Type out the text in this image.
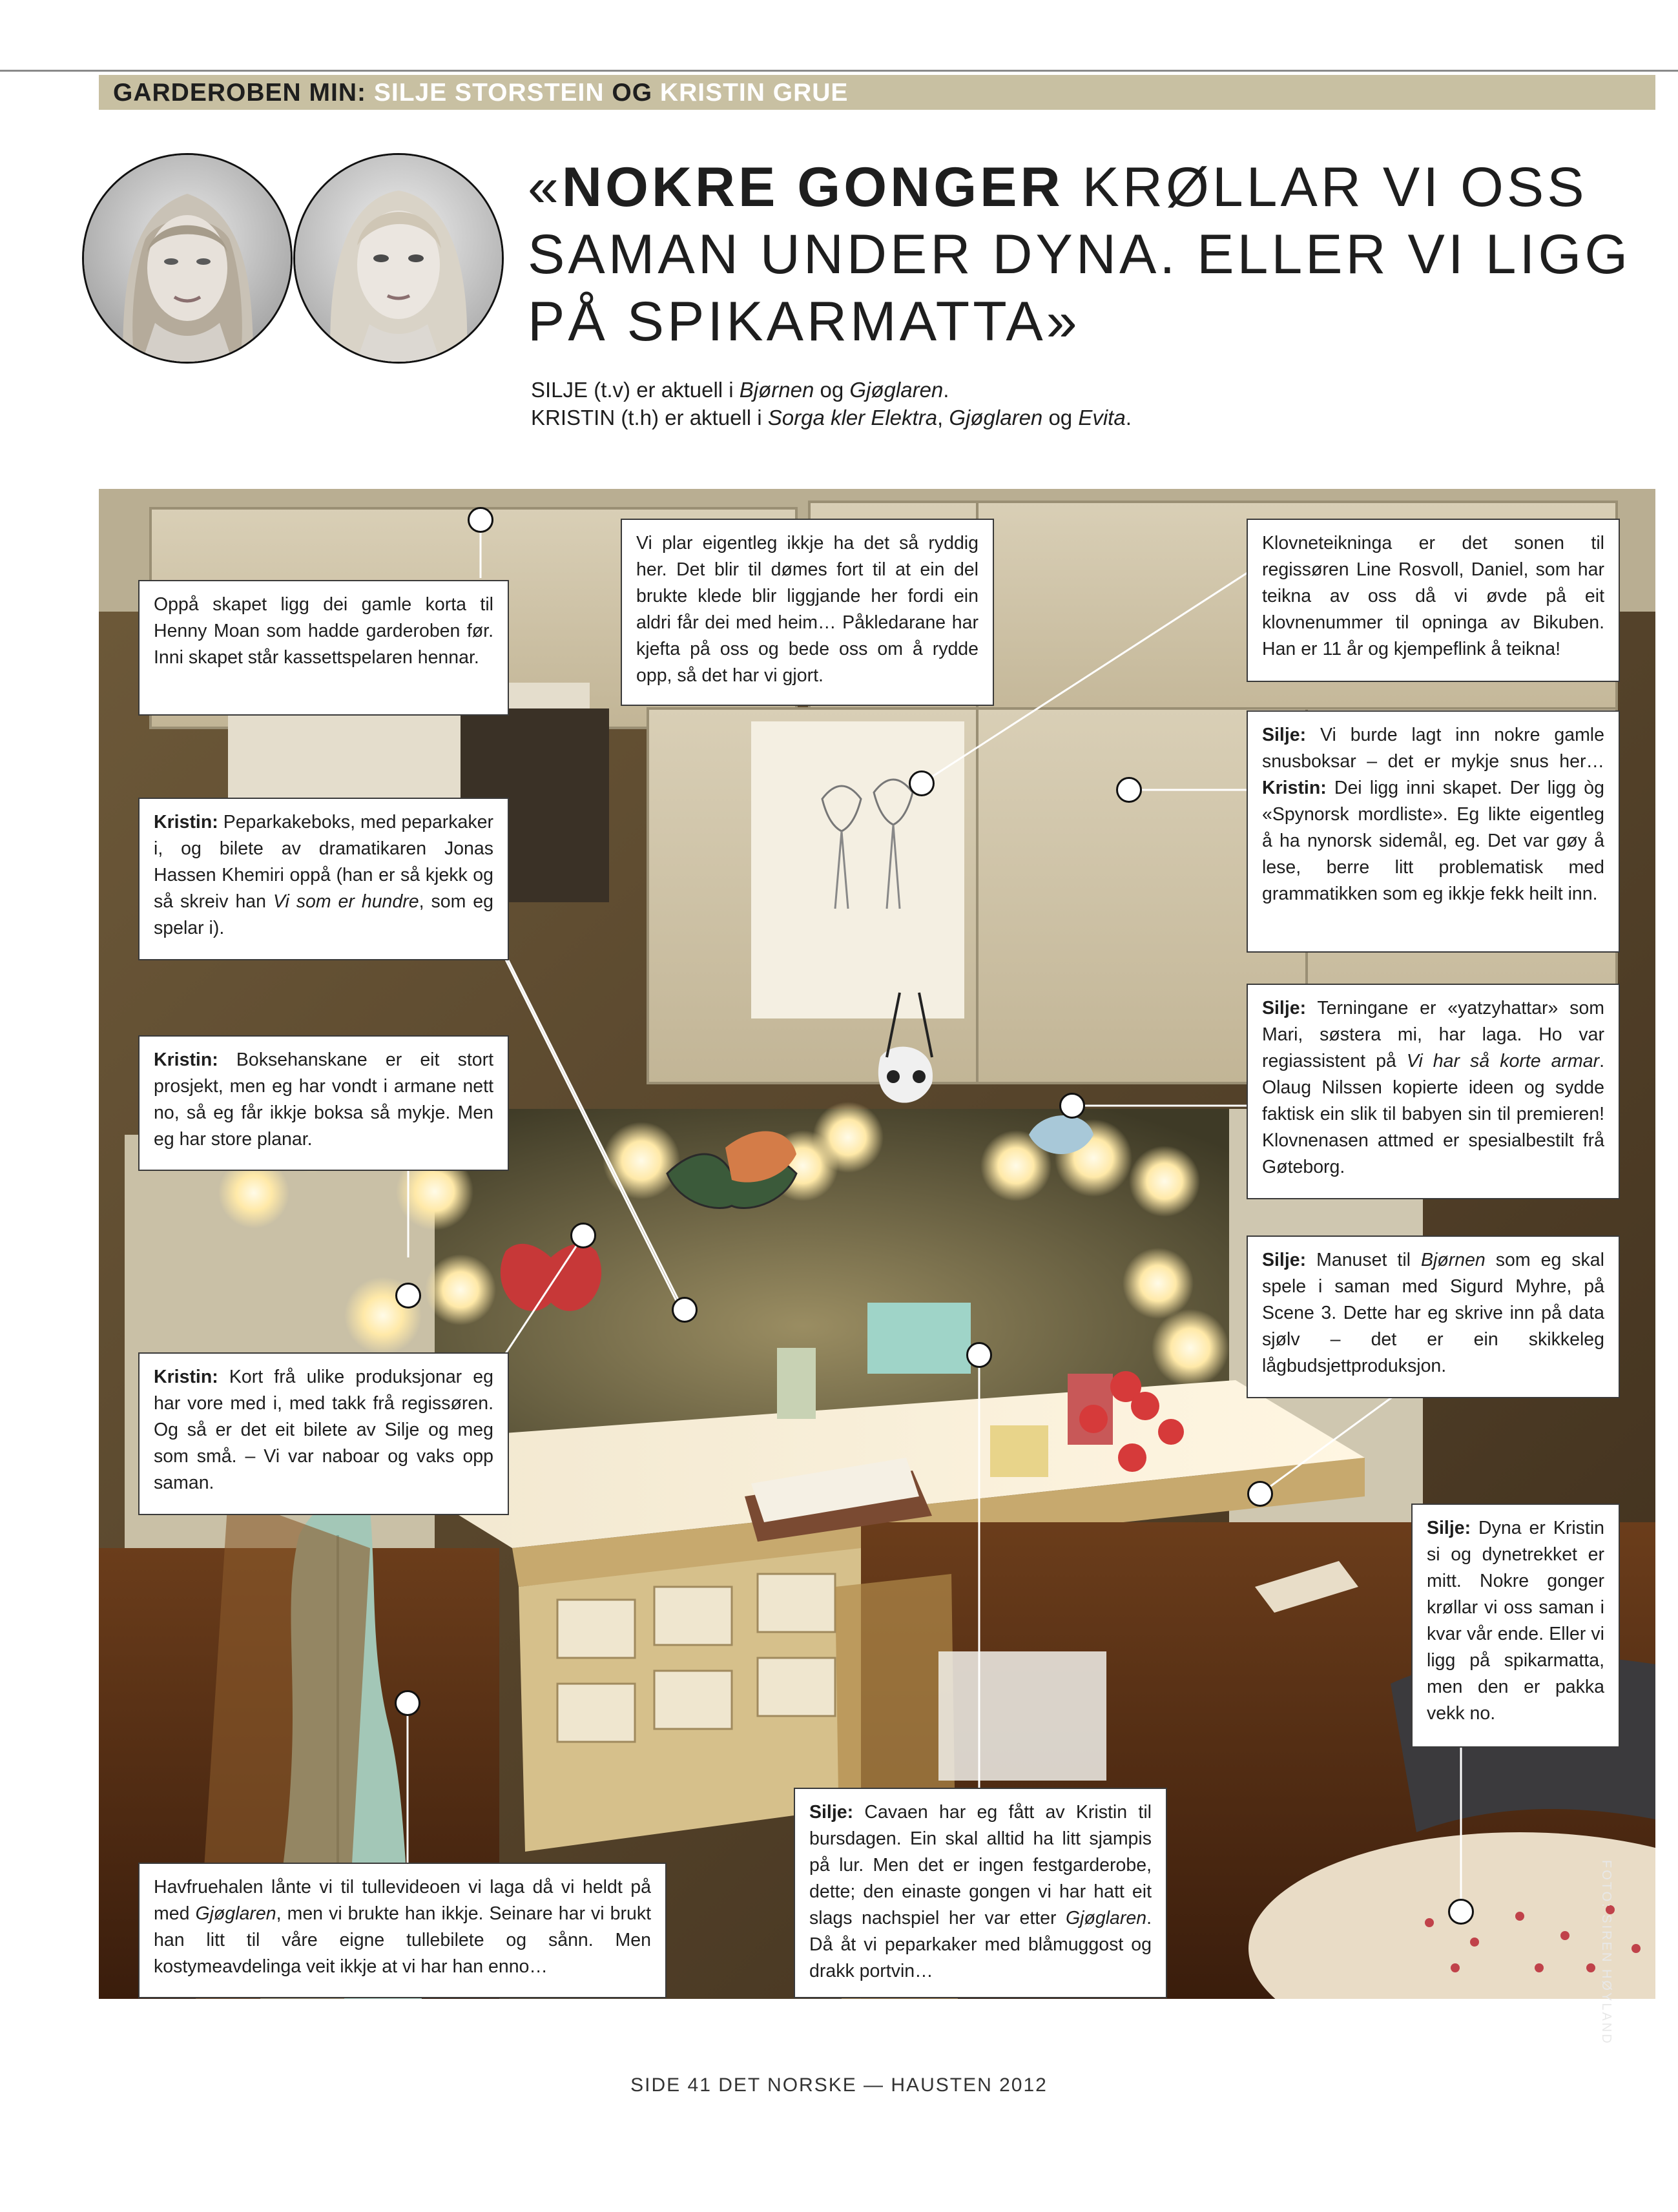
GARDEROBEN MIN: SILJE STORSTEIN OG KRISTIN GRUE
«NOKRE GONGER KRØLLAR VI OSS SAMAN UNDER DYNA. ELLER VI LIGG PÅ SPIKARMATTA»
SILJE (t.v) er aktuell i Bjørnen og Gjøglaren.
KRISTIN (t.h) er aktuell i Sorga kler Elektra, Gjøglaren og Evita.

Oppå skapet ligg dei gamle korta til Henny Moan som hadde garderoben før. Inni skapet står kassettspelaren hennar.

Vi plar eigentleg ikkje ha det så ryddig her. Det blir til dømes fort til at ein del brukte klede blir liggjande her fordi ein aldri får dei med heim… Påkledarane har kjefta på oss og bede oss om å rydde opp, så det har vi gjort.

Klovneteikninga er det sonen til regissøren Line Rosvoll, Daniel, som har teikna av oss då vi øvde på eit klovnenummer til opninga av Bikuben. Han er 11 år og kjempeflink å teikna!

Silje: Vi burde lagt inn nokre gamle snusboksar – det er mykje snus her… Kristin: Dei ligg inni skapet. Der ligg òg «Spynorsk mordliste». Eg likte eigentleg å ha nynorsk sidemål, eg. Det var gøy å lese, berre litt problematisk med grammatikken som eg ikkje fekk heilt inn.

Kristin: Peparkakeboks, med peparkaker i, og bilete av dramatikaren Jonas Hassen Khemiri oppå (han er så kjekk og så skreiv han Vi som er hundre, som eg spelar i).

Kristin: Boksehanskane er eit stort prosjekt, men eg har vondt i armane nett no, så eg får ikkje boksa så mykje. Men eg har store planar.

Silje: Terningane er «yatzyhattar» som Mari, søstera mi, har laga. Ho var regiassistent på Vi har så korte armar. Olaug Nilssen kopierte ideen og sydde faktisk ein slik til babyen sin til premieren! Klovnenasen attmed er spesialbestilt frå Gøteborg.

Silje: Manuset til Bjørnen som eg skal spele i saman med Sigurd Myhre, på Scene 3. Dette har eg skrive inn på data sjølv – det er ein skikkeleg lågbudsjettproduksjon.

Kristin: Kort frå ulike produksjonar eg har vore med i, med takk frå regissøren. Og så er det eit bilete av Silje og meg som små. – Vi var naboar og vaks opp saman.

Silje: Dyna er Kristin si og dynetrekket er mitt. Nokre gonger krøllar vi oss saman i kvar vår ende. Eller vi ligg på spikarmatta, men den er pakka vekk no.

Havfruehalen lånte vi til tullevideoen vi laga då vi heldt på med Gjøglaren, men vi brukte han ikkje. Seinare har vi brukt han litt til våre eigne tullebilete og sånn. Men kostymeavdelinga veit ikkje at vi har han enno…

Silje: Cavaen har eg fått av Kristin til bursdagen. Ein skal alltid ha litt sjampis på lur. Men det er ingen festgarderobe, dette; den einaste gongen vi har hatt eit slags nachspiel her var etter Gjøglaren. Då åt vi peparkaker med blåmuggost og drakk portvin…	FOTO: SIREN HØYLAND
SIDE 41 DET NORSKE — HAUSTEN 2012
